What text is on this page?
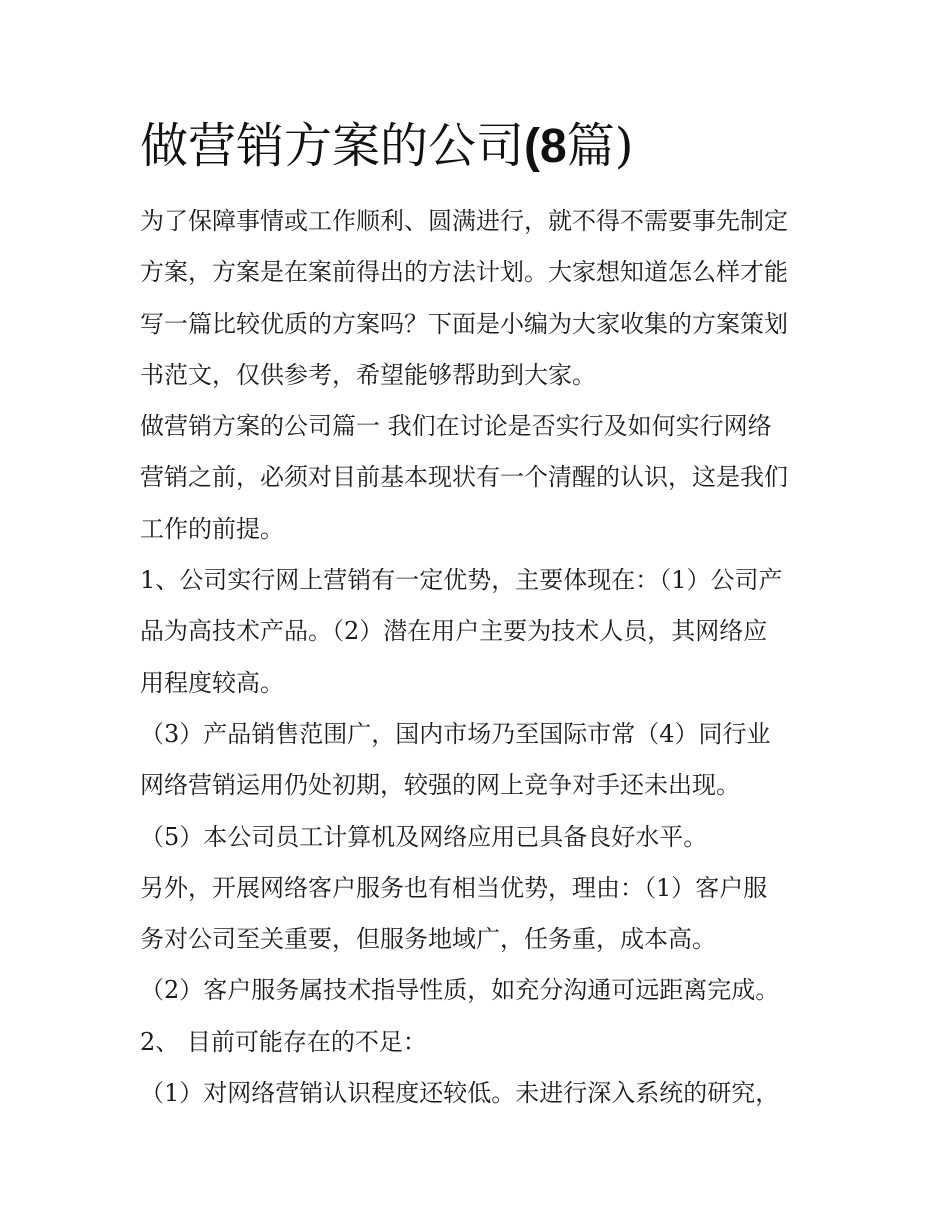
做营销方案的公司(8篇)
为了保障事情或工作顺利、圆满进行，就不得不需要事先制定
方案，方案是在案前得出的方法计划。大家想知道怎么样才能
写一篇比较优质的方案吗？下面是小编为大家收集的方案策划
书范文，仅供参考，希望能够帮助到大家。
做营销方案的公司篇一 我们在讨论是否实行及如何实行网络
营销之前，必须对目前基本现状有一个清醒的认识，这是我们
工作的前提。
1、公司实行网上营销有一定优势，主要体现在：（1）公司产
品为高技术产品。（2）潜在用户主要为技术人员，其网络应
用程度较高。
（3）产品销售范围广，国内市场乃至国际市常（4）同行业
网络营销运用仍处初期，较强的网上竞争对手还未出现。
（5）本公司员工计算机及网络应用已具备良好水平。
另外，开展网络客户服务也有相当优势，理由：（1）客户服
务对公司至关重要，但服务地域广，任务重，成本高。
（2）客户服务属技术指导性质，如充分沟通可远距离完成。
2、 目前可能存在的不足：
（1）对网络营销认识程度还较低。未进行深入系统的研究，
